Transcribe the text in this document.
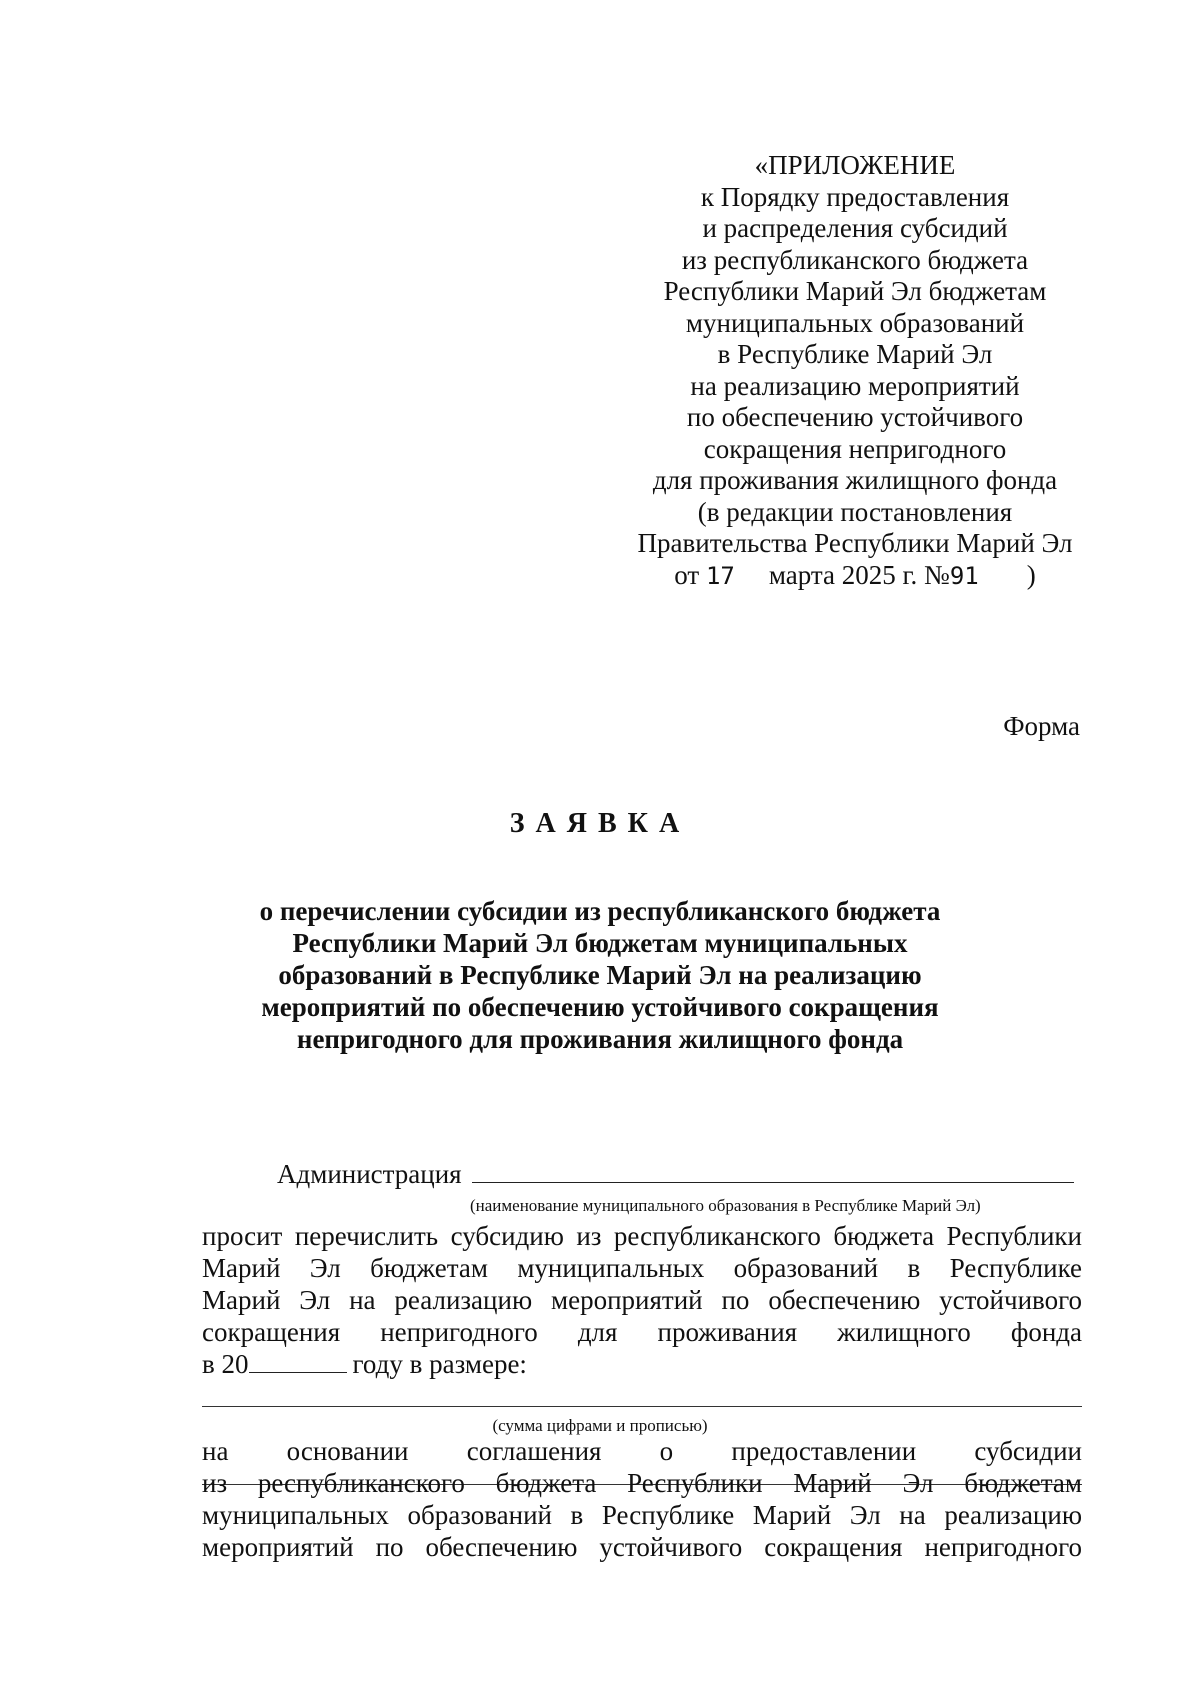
«ПРИЛОЖЕНИЕ
к Порядку предоставления
и распределения субсидий
из республиканского бюджета
Республики Марий Эл бюджетам
муниципальных образований
в Республике Марий Эл
на реализацию мероприятий
по обеспечению устойчивого
сокращения непригодного
для проживания жилищного фонда
(в редакции постановления
Правительства Республики Марий Эл
от 17 марта 2025 г. №91 )
Форма
ЗАЯВКА
о перечислении субсидии из республиканского бюджета
Республики Марий Эл бюджетам муниципальных
образований в Республике Марий Эл на реализацию
мероприятий по обеспечению устойчивого сокращения
непригодного для проживания жилищного фонда
Администрация
(наименование муниципального образования в Республике Марий Эл)
просит перечислить субсидию из республиканского бюджета Республики
Марий Эл бюджетам муниципальных образований в Республике
Марий Эл на реализацию мероприятий по обеспечению устойчивого
сокращения непригодного для проживания жилищного фонда
в 20	году в размере:
(сумма цифрами и прописью)
на основании соглашения о предоставлении субсидии
из республиканского бюджета Республики Марий Эл бюджетам
муниципальных образований в Республике Марий Эл на реализацию
мероприятий по обеспечению устойчивого сокращения непригодного
